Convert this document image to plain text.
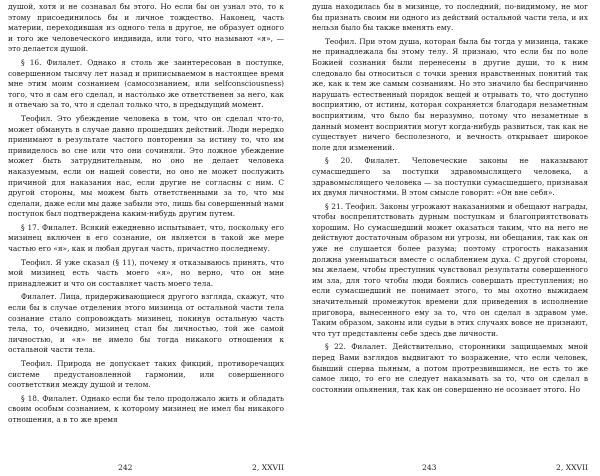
душой, хотя и не сознавал бы этого. Но если бы он узнал это, то к этому присоединилось бы и личное тождество. Наконец, часть материи, переходившая из одного тела в другое, не образует одного и того же человеческого индивида, или того, что называют «я», — это делается душой.

§ 16. Филалет. Однако я столь же заинтересован в поступке, совершенном тысячу лет назад и приписываемом в настоящее время мне этим моим сознанием (самосознанием, или selfconsciousness) того, что я сам его сделал, и настолько же ответственен за него, как я отвечаю за то, что я сделал только что, в предыдущий момент.

Теофил. Это убеждение человека в том, что он сделал что-то, может обмануть в случае давно прошедших действий. Люди нередко принимают в результате частого повторения за истину то, что им привиделось во сне или что они сочиняли. Это ложное убеждение может быть затруднительным, но оно не делает человека наказуемым, если он нашей совести, но оно не может послужить причиной для наказания нас, если другие не согласны с ним. С другой стороны, мы можем быть ответственными за то, что мы сделали, даже если мы даже забыли это, лишь бы совершенный нами поступок был подтверждена каким-нибудь другим путем.

§ 17. Филалет. Всякий ежедневно испытывает, что, поскольку его мизинец включен в его сознание, он является в такой же мере частью его «я», как и любая другая часть, причастно последнему.

Теофил. Я уже сказал (§ 11), почему я отказываюсь принять, что мой мизинец есть часть моего «я», но верно, что он мне принадлежит и что он составляет часть моего тела.

Филалет. Лица, придерживающиеся другого взгляда, скажут, что если бы в случае отделения этого мизинца от остальной части тела сознание стало сопровождать мизинец, покинув остальную часть тела, то, очевидно, мизинец стал бы личностью, той же самой личностью, и «я» не имело бы тогда никакого отношения к остальной части тела.

Теофил. Природа не допускает таких фикций, противоречащих системе предустановленной гармонии, или совершенного соответствия между душой и телом.

§ 18. Филалет. Однако если бы тело продолжало жить и обладать своим особым сознанием, к которому мизинец не имел бы никакого отношения, а в то же время

242	2, XXVII

душа находилась бы в мизинце, то последний, по-видимому, не мог бы признать своим ни одного из действий остальной части тела, и их нельзя было бы также вменять ему.

Теофил. При этом душа, которая была бы тогда у мизинца, также не принадлежала бы этому телу. Я признаю, что если бы по воле Божией сознания были перенесены в другие души, то к ним следовало бы относиться с точки зрения нравственных понятий так же, как к тем же самым сознаниям. Но это значило бы беспричинно нарушать естественный порядок вещей и отрывать то, что доступно восприятию, от истины, которая сохраняется благодаря незаметным восприятиям, что было бы неразумно, потому что незаметные в данный момент восприятия могут когда-нибудь развиться, так как не существует ничего бесполезного, и вечность открывает широкое поле для изменений.

§ 20. Филалет. Человеческие законы не наказывают сумасшедшего за поступки здравомыслящего человека, а здравомыслящего человека — за поступки сумасшедшего, признавая их двумя личностями. В этом смысле говорят: «Он вне себя».

§ 21. Теофил. Законы угрожают наказаниями и обещают награды, чтобы воспрепятствовать дурным поступкам и благоприятствовать хорошим. Но сумасшедший может оказаться таким, что на него не действуют достаточным образом ни угрозы, ни обещания, так как он уже не слушается более разума; поэтому строгость наказания должна уменьшаться вместе с ослаблением духа. С другой стороны, мы желаем, чтобы преступник чувствовал результаты совершенного им зла, для того чтобы люди боялись совершать преступления; но если сумасшедший не понимает этого, то мы охотно выжидаем значительный промежуток времени для приведения в исполнение приговора, вынесенного ему за то, что он сделал в здравом уме. Таким образом, законы или судьи в этих случаях вовсе не признают, что тут представлены себе здесь две личности.

§ 22. Филалет. Действительно, сторонники защищаемых мной перед Вами взглядов выдвигают то возражение, что если человек, бывший сперва пьяным, а потом протрезвившимся, не есть то же самое лицо, то его не следует наказывать за то, что он сделал в состоянии опьянения, так как он совершенно не осознает этого. Но

243	2, XXVII
